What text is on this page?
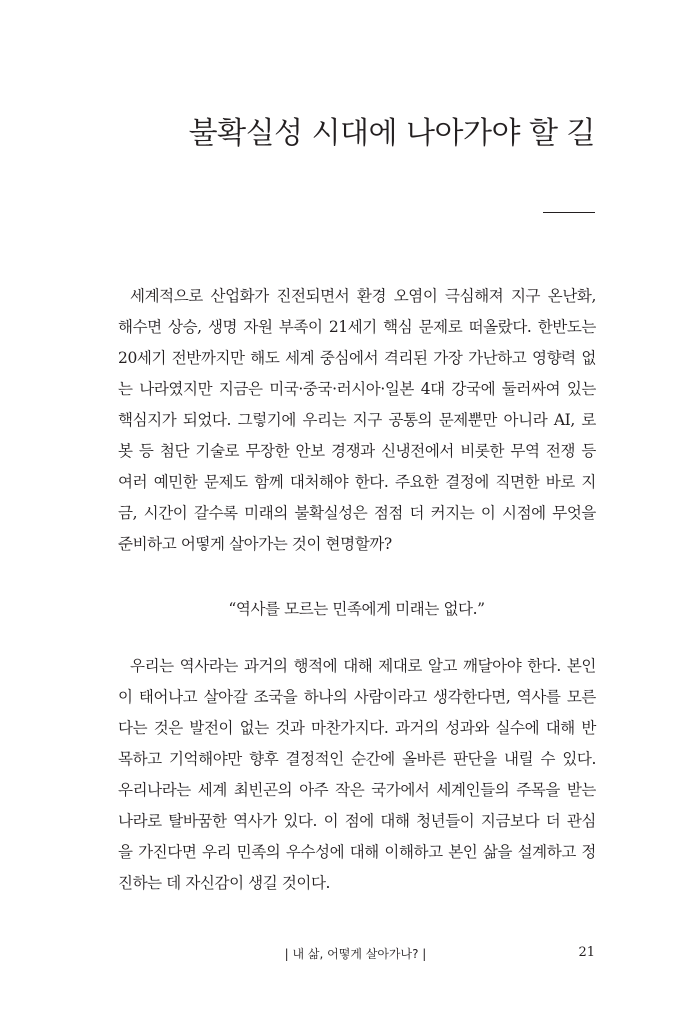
불확실성 시대에 나아가야 할 길
세계적으로 산업화가 진전되면서 환경 오염이 극심해져 지구 온난화,
해수면 상승, 생명 자원 부족이 21세기 핵심 문제로 떠올랐다. 한반도는
20세기 전반까지만 해도 세계 중심에서 격리된 가장 가난하고 영향력 없
는 나라였지만 지금은 미국·중국·러시아·일본 4대 강국에 둘러싸여 있는
핵심지가 되었다. 그렇기에 우리는 지구 공통의 문제뿐만 아니라 AI, 로
봇 등 첨단 기술로 무장한 안보 경쟁과 신냉전에서 비롯한 무역 전쟁 등
여러 예민한 문제도 함께 대처해야 한다. 주요한 결정에 직면한 바로 지
금, 시간이 갈수록 미래의 불확실성은 점점 더 커지는 이 시점에 무엇을
준비하고 어떻게 살아가는 것이 현명할까?
“역사를 모르는 민족에게 미래는 없다.”
우리는 역사라는 과거의 행적에 대해 제대로 알고 깨달아야 한다. 본인
이 태어나고 살아갈 조국을 하나의 사람이라고 생각한다면, 역사를 모른
다는 것은 발전이 없는 것과 마찬가지다. 과거의 성과와 실수에 대해 반
목하고 기억해야만 향후 결정적인 순간에 올바른 판단을 내릴 수 있다.
우리나라는 세계 최빈곤의 아주 작은 국가에서 세계인들의 주목을 받는
나라로 탈바꿈한 역사가 있다. 이 점에 대해 청년들이 지금보다 더 관심
을 가진다면 우리 민족의 우수성에 대해 이해하고 본인 삶을 설계하고 정
진하는 데 자신감이 생길 것이다.
| 내 삶, 어떻게 살아가나? |	21
